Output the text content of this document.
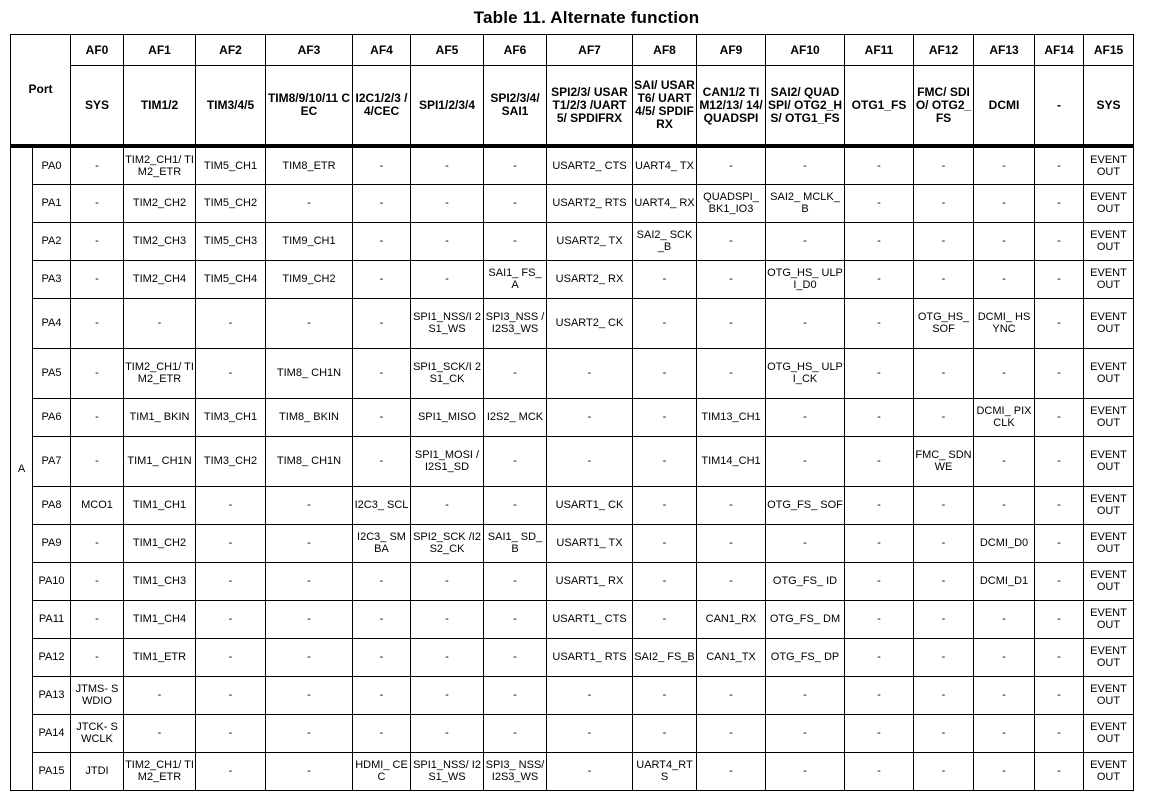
Table 11. Alternate function
Port		AF0	AF1	AF2	AF3	AF4	AF5	AF6	AF7	AF8	AF9	AF10	AF11	AF12	AF13	AF14	AF15
		SYS	TIM1/2	TIM3/4/5	TIM8/9/10/11 CEC	I2C1/2/3 /4/CEC	SPI1/2/3/4	SPI2/3/4/ SAI1	SPI2/3/ USART1/2/3 /UART5/ SPDIFRX	SAI/ USART6/ UART4/5/ SPDIFRX	CAN1/2 TIM12/13/ 14/ QUADSPI	SAI2/ QUADSPI/ OTG2_HS/ OTG1_FS	OTG1_FS	FMC/ SDIO/ OTG2_FS	DCMI	-	SYS
A	PA0	-	TIM2_CH1/ TIM2_ETR	TIM5_CH1	TIM8_ETR	-	-	-	USART2_ CTS	UART4_ TX	-	-	-	-	-	-	EVENT OUT
	PA1	-	TIM2_CH2	TIM5_CH2	-	-	-	-	USART2_ RTS	UART4_ RX	QUADSPI_ BK1_IO3	SAI2_ MCLK_B	-	-	-	-	EVENT OUT
	PA2	-	TIM2_CH3	TIM5_CH3	TIM9_CH1	-	-	-	USART2_ TX	SAI2_ SCK_B	-	-	-	-	-	-	EVENT OUT
	PA3	-	TIM2_CH4	TIM5_CH4	TIM9_CH2	-	-	SAI1_ FS_A	USART2_ RX	-	-	OTG_HS_ ULPI_D0	-	-	-	-	EVENT OUT
	PA4	-	-	-	-	-	SPI1_NSS/I 2S1_WS	SPI3_NSS / I2S3_WS	USART2_ CK	-	-	-	-	OTG_HS_ SOF	DCMI_ HSYNC	-	EVENT OUT
	PA5	-	TIM2_CH1/ TIM2_ETR	-	TIM8_ CH1N	-	SPI1_SCK/I 2S1_CK	-	-	-	-	OTG_HS_ ULPI_CK	-	-	-	-	EVENT OUT
	PA6	-	TIM1_ BKIN	TIM3_CH1	TIM8_ BKIN	-	SPI1_MISO	I2S2_ MCK	-	-	TIM13_CH1	-	-	-	DCMI_ PIXCLK	-	EVENT OUT
	PA7	-	TIM1_ CH1N	TIM3_CH2	TIM8_ CH1N	-	SPI1_MOSI / I2S1_SD	-	-	-	TIM14_CH1	-	-	FMC_ SDNWE	-	-	EVENT OUT
	PA8	MCO1	TIM1_CH1	-	-	I2C3_ SCL	-	-	USART1_ CK	-	-	OTG_FS_ SOF	-	-	-	-	EVENT OUT
	PA9	-	TIM1_CH2	-	-	I2C3_ SMBA	SPI2_SCK /I2S2_CK	SAI1_ SD_B	USART1_ TX	-	-	-	-	-	DCMI_D0	-	EVENT OUT
	PA10	-	TIM1_CH3	-	-	-	-	-	USART1_ RX	-	-	OTG_FS_ ID	-	-	DCMI_D1	-	EVENT OUT
	PA11	-	TIM1_CH4	-	-	-	-	-	USART1_ CTS	-	CAN1_RX	OTG_FS_ DM	-	-	-	-	EVENT OUT
	PA12	-	TIM1_ETR	-	-	-	-	-	USART1_ RTS	SAI2_ FS_B	CAN1_TX	OTG_FS_ DP	-	-	-	-	EVENT OUT
	PA13	JTMS- SWDIO	-	-	-	-	-	-	-	-	-	-	-	-	-	-	EVENT OUT
	PA14	JTCK- SWCLK	-	-	-	-	-	-	-	-	-	-	-	-	-	-	EVENT OUT
	PA15	JTDI	TIM2_CH1/ TIM2_ETR	-	-	HDMI_ CEC	SPI1_NSS/ I2S1_WS	SPI3_ NSS/ I2S3_WS	-	UART4_RT S	-	-	-	-	-	-	EVENT OUT
